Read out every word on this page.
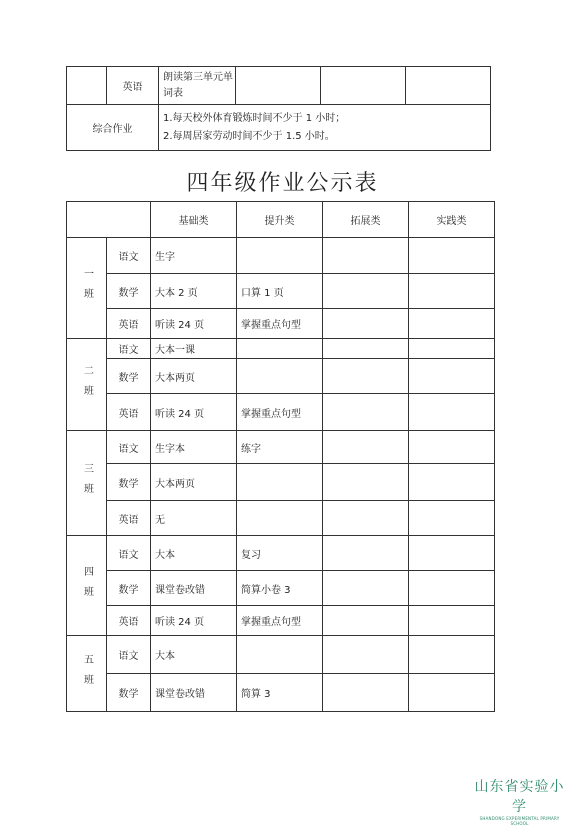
	英语	朗读第三单元单词表			
综合作业		1.每天校外体育锻炼时间不少于 1 小时；
2.每周居家劳动时间不少于 1.5 小时。			
四年级作业公示表
		基础类	提升类	拓展类	实践类

一班	语文	生字			
	数学	大本 2 页	口算 1 页		
	英语	听读 24 页	掌握重点句型		

二班	语文	大本一课			
	数学	大本两页			
	英语	听读 24 页	掌握重点句型		

三班	语文	生字本	练字		
	数学	大本两页			
	英语	无			

四班	语文	大本	复习		
	数学	课堂卷改错	简算小卷 3		
	英语	听读 24 页	掌握重点句型		

五班	语文	大本			
	数学	课堂卷改错	简算 3		
山东省实验小学
SHANDONG EXPERIMENTAL PRIMARY SCHOOL
